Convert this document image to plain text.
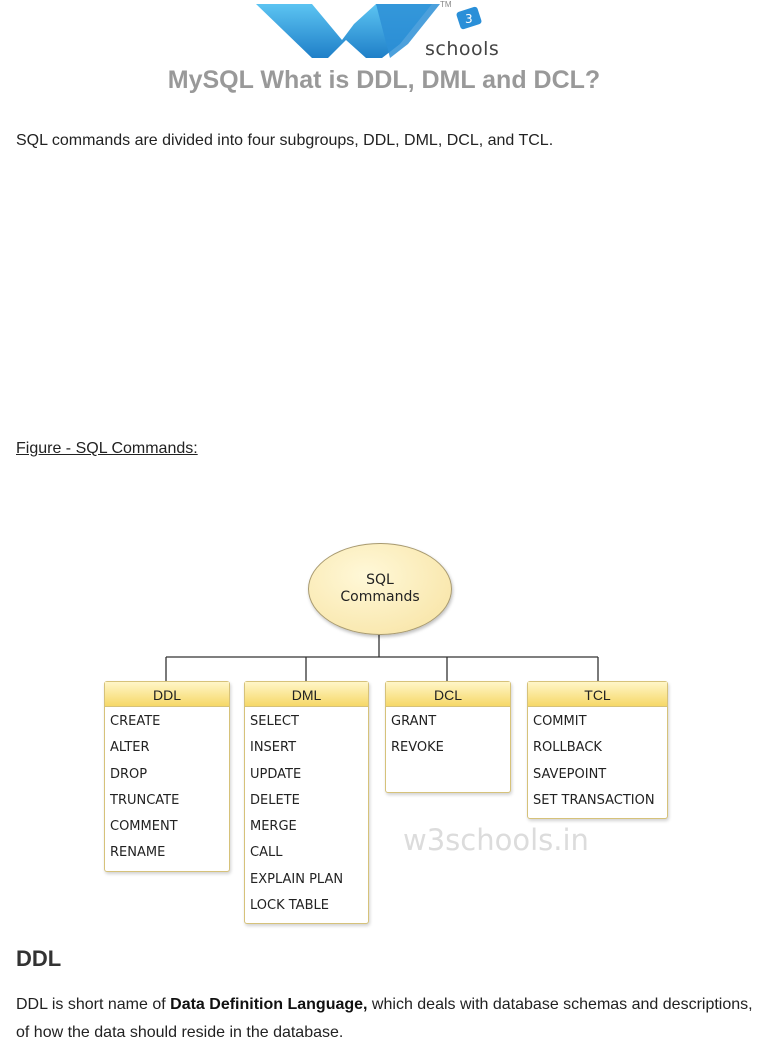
3
TM
schools
MySQL What is DDL, DML and DCL?

SQL commands are divided into four subgroups, DDL, DML, DCL, and TCL.

Figure - SQL Commands:
SQL
Commands
DDL
CREATE
ALTER
DROP
TRUNCATE
COMMENT
RENAME
DML
SELECT
INSERT
UPDATE
DELETE
MERGE
CALL
EXPLAIN PLAN
LOCK TABLE
DCL
GRANT
REVOKE
TCL
COMMIT
ROLLBACK
SAVEPOINT
SET TRANSACTION
w3schools.in
DDL

DDL is short name of Data Definition Language, which deals with database schemas and descriptions, of how the data should reside in the database.
